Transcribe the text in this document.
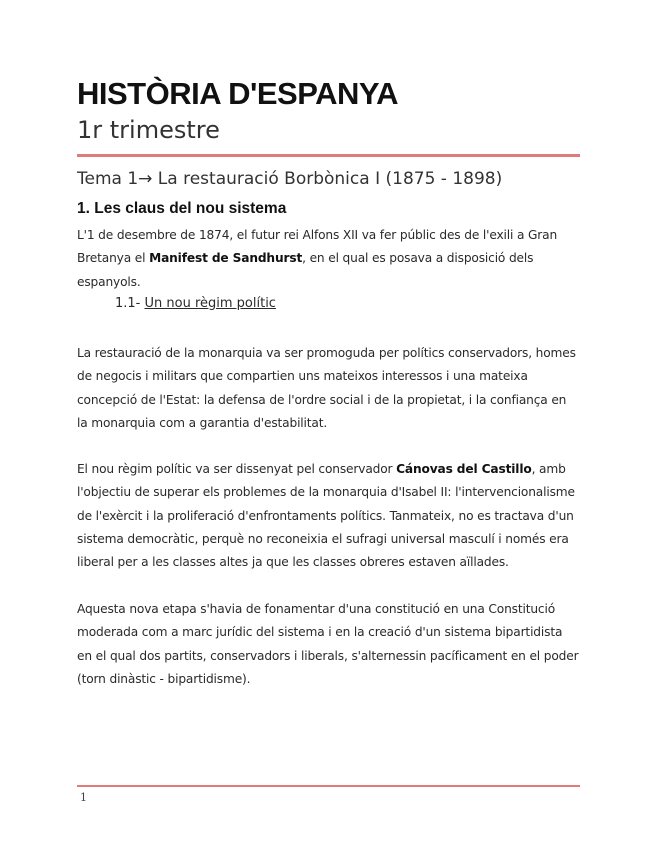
HISTÒRIA D'ESPANYA
1r trimestre
Tema 1→ La restauració Borbònica I (1875 - 1898)
1. Les claus del nou sistema
L'1 de desembre de 1874, el futur rei Alfons XII va fer públic des de l'exili a Gran Bretanya el Manifest de Sandhurst, en el qual es posava a disposició dels espanyols.
1.1- Un nou règim polític
La restauració de la monarquia va ser promoguda per polítics conservadors, homes de negocis i militars que compartien uns mateixos interessos i una mateixa concepció de l'Estat: la defensa de l'ordre social i de la propietat, i la confiança en la monarquia com a garantia d'estabilitat.
El nou règim polític va ser dissenyat pel conservador Cánovas del Castillo, amb l'objectiu de superar els problemes de la monarquia d'Isabel II: l'intervencionalisme de l'exèrcit i la proliferació d'enfrontaments polítics. Tanmateix, no es tractava d'un sistema democràtic, perquè no reconeixia el sufragi universal masculí i només era liberal per a les classes altes ja que les classes obreres estaven aïllades.
Aquesta nova etapa s'havia de fonamentar d'una constitució en una Constitució moderada com a marc jurídic del sistema i en la creació d'un sistema bipartidista en el qual dos partits, conservadors i liberals, s'alternessin pacíficament en el poder (torn dinàstic - bipartidisme).
1
